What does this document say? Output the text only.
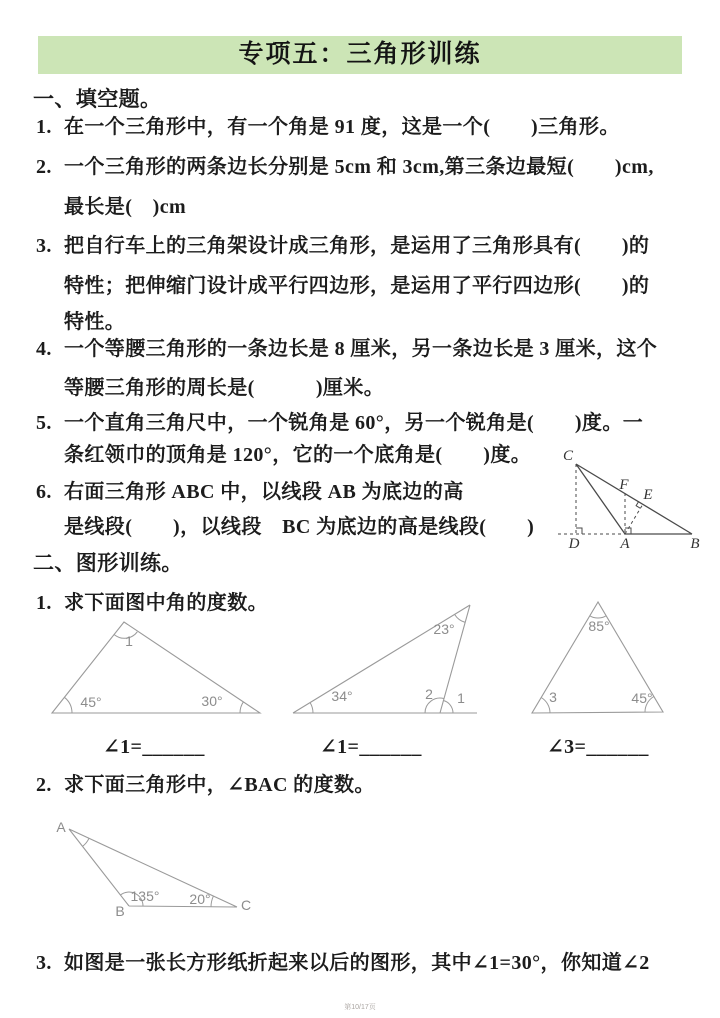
专项五：三角形训练
一、填空题。
1. 在一个三角形中，有一个角是 91 度，这是一个(　　)三角形。
2. 一个三角形的两条边长分别是 5cm 和 3cm,第三条边最短(　　)cm,
最长是(　)cm
3. 把自行车上的三角架设计成三角形，是运用了三角形具有(　　)的
特性；把伸缩门设计成平行四边形，是运用了平行四边形(　　)的
特性。
4. 一个等腰三角形的一条边长是 8 厘米，另一条边长是 3 厘米，这个
等腰三角形的周长是(　　　)厘米。
5. 一个直角三角尺中，一个锐角是 60°，另一个锐角是(　　)度。一
条红领巾的顶角是 120°，它的一个底角是(　　)度。
6. 右面三角形 ABC 中，以线段 AB 为底边的高
是线段(　　)，以线段　BC 为底边的高是线段(　　)
C
D	A	B
F
E
二、图形训练。
1. 求下面图中角的度数。
1
45°	30°
23°
34°	2 1
85°
3	45°
∠1=______	∠1=______	∠3=______
2. 求下面三角形中，∠BAC 的度数。
A
B	C
135° 20°
3. 如图是一张长方形纸折起来以后的图形，其中∠1=30°，你知道∠2
第10/17页
